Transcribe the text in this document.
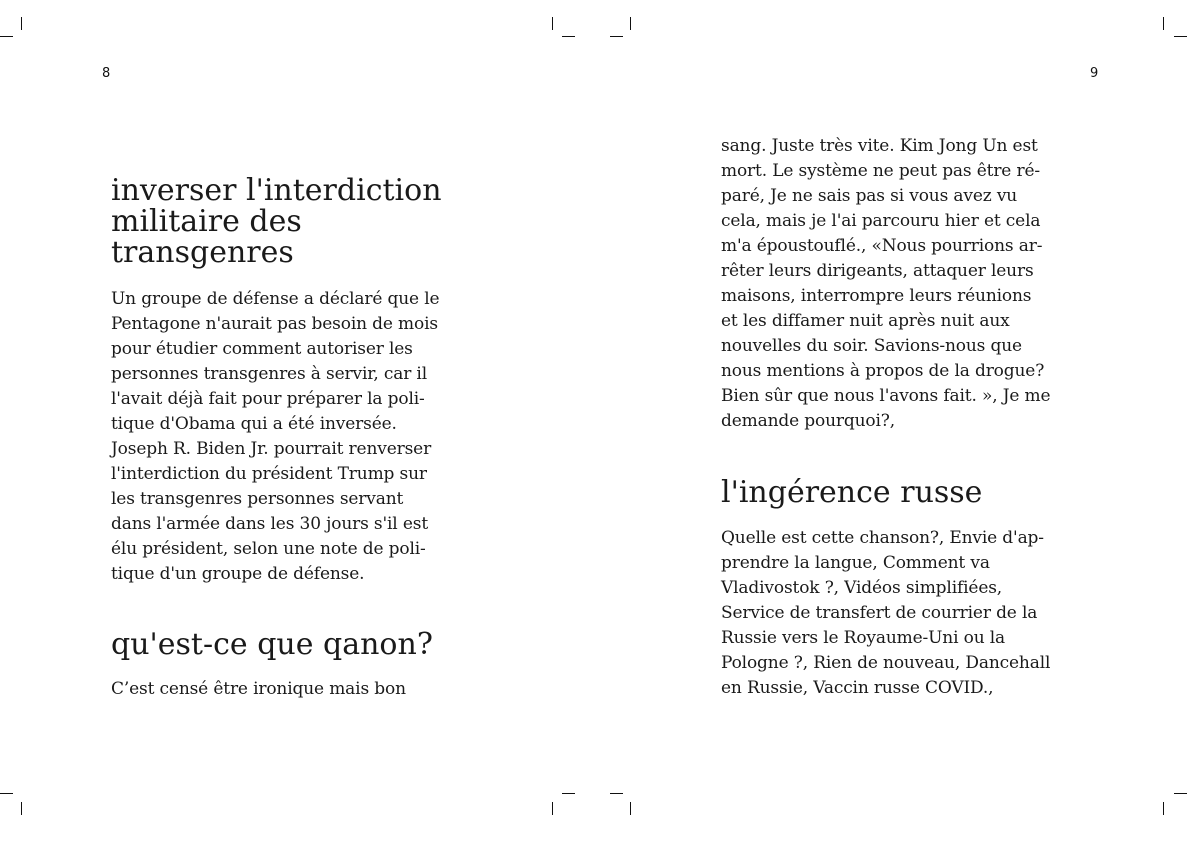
8
inverser l'interdiction
militaire des
transgenres

Un groupe de défense a déclaré que le
Pentagone n'aurait pas besoin de mois
pour étudier comment autoriser les
personnes transgenres à servir, car il
l'avait déjà fait pour préparer la poli-
tique d'Obama qui a été inversée.
Joseph R. Biden Jr. pourrait renverser
l'interdiction du président Trump sur
les transgenres personnes servant
dans l'armée dans les 30 jours s'il est
élu président, selon une note de poli-
tique d'un groupe de défense.

qu'est-ce que qanon?

C’est censé être ironique mais bon

9

sang. Juste très vite. Kim Jong Un est
mort. Le système ne peut pas être ré-
paré, Je ne sais pas si vous avez vu
cela, mais je l'ai parcouru hier et cela
m'a époustouflé., «Nous pourrions ar-
rêter leurs dirigeants, attaquer leurs
maisons, interrompre leurs réunions
et les diffamer nuit après nuit aux
nouvelles du soir. Savions-nous que
nous mentions à propos de la drogue?
Bien sûr que nous l'avons fait. », Je me
demande pourquoi?,

l'ingérence russe

Quelle est cette chanson?, Envie d'ap-
prendre la langue, Comment va
Vladivostok ?, Vidéos simplifiées,
Service de transfert de courrier de la
Russie vers le Royaume-Uni ou la
Pologne ?, Rien de nouveau, Dancehall
en Russie, Vaccin russe COVID.,
